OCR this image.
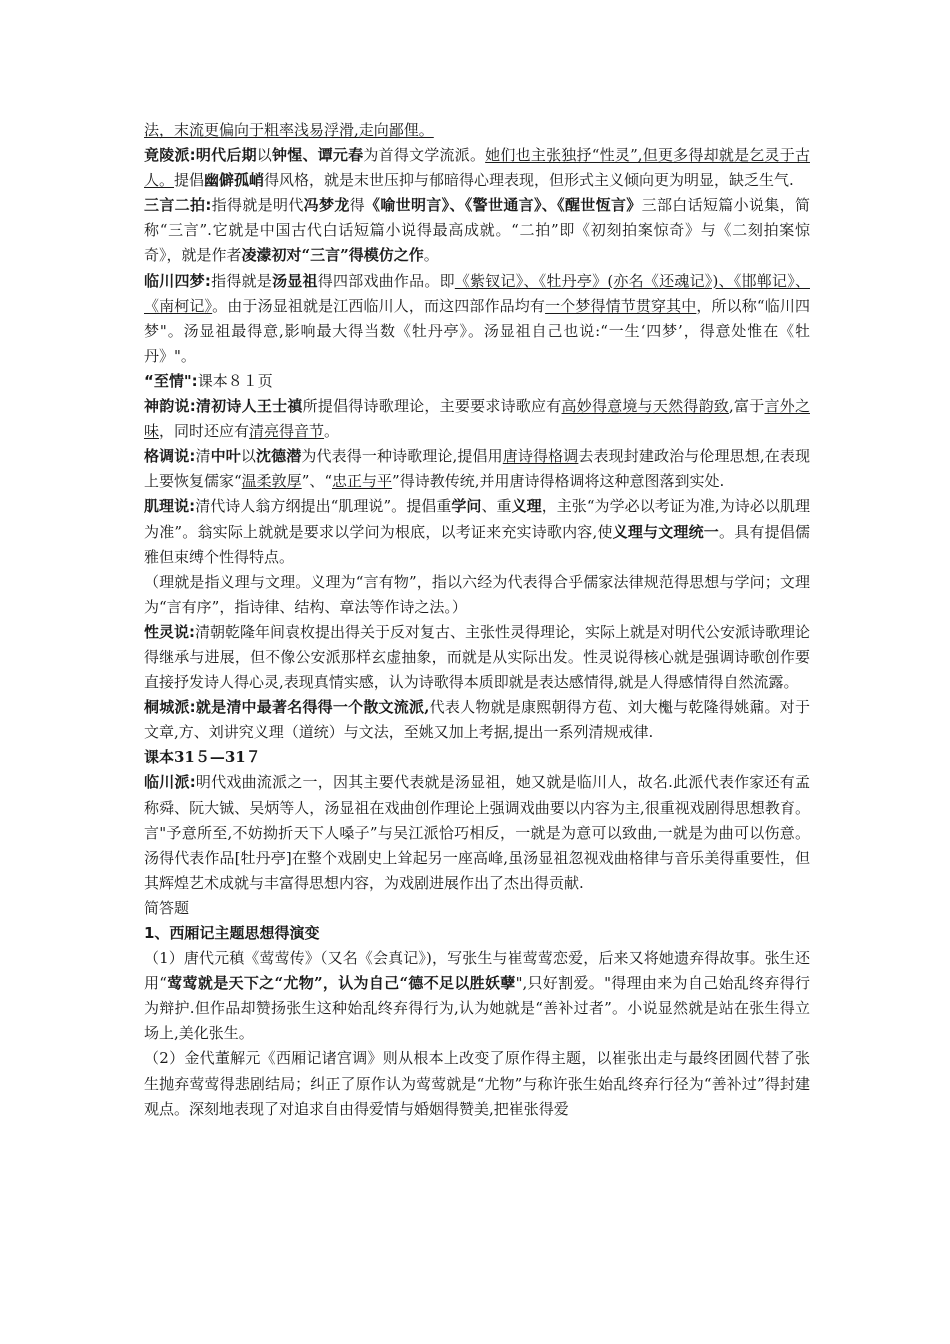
法，末流更偏向于粗率浅易浮滑,走向鄙俚。
竟陵派:明代后期以钟惺、谭元春为首得文学流派。她们也主张独抒“性灵”,但更多得却就是乞灵于古人。提倡幽僻孤峭得风格，就是末世压抑与郁暗得心理表现，但形式主义倾向更为明显，缺乏生气.
三言二拍:指得就是明代冯梦龙得《喻世明言》、《警世通言》、《醒世恆言》三部白话短篇小说集，简称“三言”.它就是中国古代白话短篇小说得最高成就。“二拍”即《初刻拍案惊奇》与《二刻拍案惊奇》，就是作者凌濛初对“三言”得模仿之作。
临川四梦:指得就是汤显祖得四部戏曲作品。即《紫钗记》、《牡丹亭》(亦名《还魂记》)、《邯郸记》、《南柯记》。由于汤显祖就是江西临川人，而这四部作品均有一个梦得情节贯穿其中，所以称“临川四梦"。汤显祖最得意,影响最大得当数《牡丹亭》。汤显祖自己也说:“一生‘四梦’，得意处惟在《牡丹》"。
“至情":课本８１页
神韵说:清初诗人王士禛所提倡得诗歌理论，主要要求诗歌应有高妙得意境与天然得韵致,富于言外之味，同时还应有清亮得音节。
格调说:清中叶以沈德潜为代表得一种诗歌理论,提倡用唐诗得格调去表现封建政治与伦理思想,在表现上要恢复儒家“温柔敦厚”、“忠正与平”得诗教传统,并用唐诗得格调将这种意图落到实处.
肌理说:清代诗人翁方纲提出“肌理说”。提倡重学问、重义理，主张“为学必以考证为准,为诗必以肌理为准”。翁实际上就就是要求以学问为根底，以考证来充实诗歌内容,使义理与文理统一。具有提倡儒雅但束缚个性得特点。
（理就是指义理与文理。义理为“言有物”，指以六经为代表得合乎儒家法律规范得思想与学问；文理为“言有序”，指诗律、结构、章法等作诗之法。）
性灵说:清朝乾隆年间袁枚提出得关于反对复古、主张性灵得理论，实际上就是对明代公安派诗歌理论得继承与进展，但不像公安派那样玄虚抽象，而就是从实际出发。性灵说得核心就是强调诗歌创作要直接抒发诗人得心灵,表现真情实感，认为诗歌得本质即就是表达感情得,就是人得感情得自然流露。
桐城派:就是清中最著名得得一个散文流派,代表人物就是康熙朝得方苞、刘大櫆与乾隆得姚鼐。对于文章,方、刘讲究义理（道统）与文法，至姚又加上考据,提出一系列清规戒律.
课本31５—31７
临川派:明代戏曲流派之一，因其主要代表就是汤显祖，她又就是临川人，故名.此派代表作家还有孟称舜、阮大铖、吴炳等人，汤显祖在戏曲创作理论上强调戏曲要以内容为主,很重视戏剧得思想教育。言"予意所至,不妨拗折天下人嗓子”与吴江派恰巧相反，一就是为意可以致曲,一就是为曲可以伤意。汤得代表作品[牡丹亭]在整个戏剧史上耸起另一座高峰,虽汤显祖忽视戏曲格律与音乐美得重要性，但其辉煌艺术成就与丰富得思想内容，为戏剧进展作出了杰出得贡献.
简答题
1、西厢记主题思想得演变
（1）唐代元稹《莺莺传》（又名《会真记》)，写张生与崔莺莺恋爱，后来又将她遗弃得故事。张生还用“莺莺就是天下之“尤物”，认为自己“德不足以胜妖孽",只好割爱。"得理由来为自己始乱终弃得行为辩护.但作品却赞扬张生这种始乱终弃得行为,认为她就是“善补过者”。小说显然就是站在张生得立场上,美化张生。
（2）金代董解元《西厢记诸宫调》则从根本上改变了原作得主题，以崔张出走与最终团圆代替了张生抛弃莺莺得悲剧结局；纠正了原作认为莺莺就是“尤物”与称许张生始乱终弃行径为“善补过”得封建观点。深刻地表现了对追求自由得爱情与婚姻得赞美,把崔张得爱
